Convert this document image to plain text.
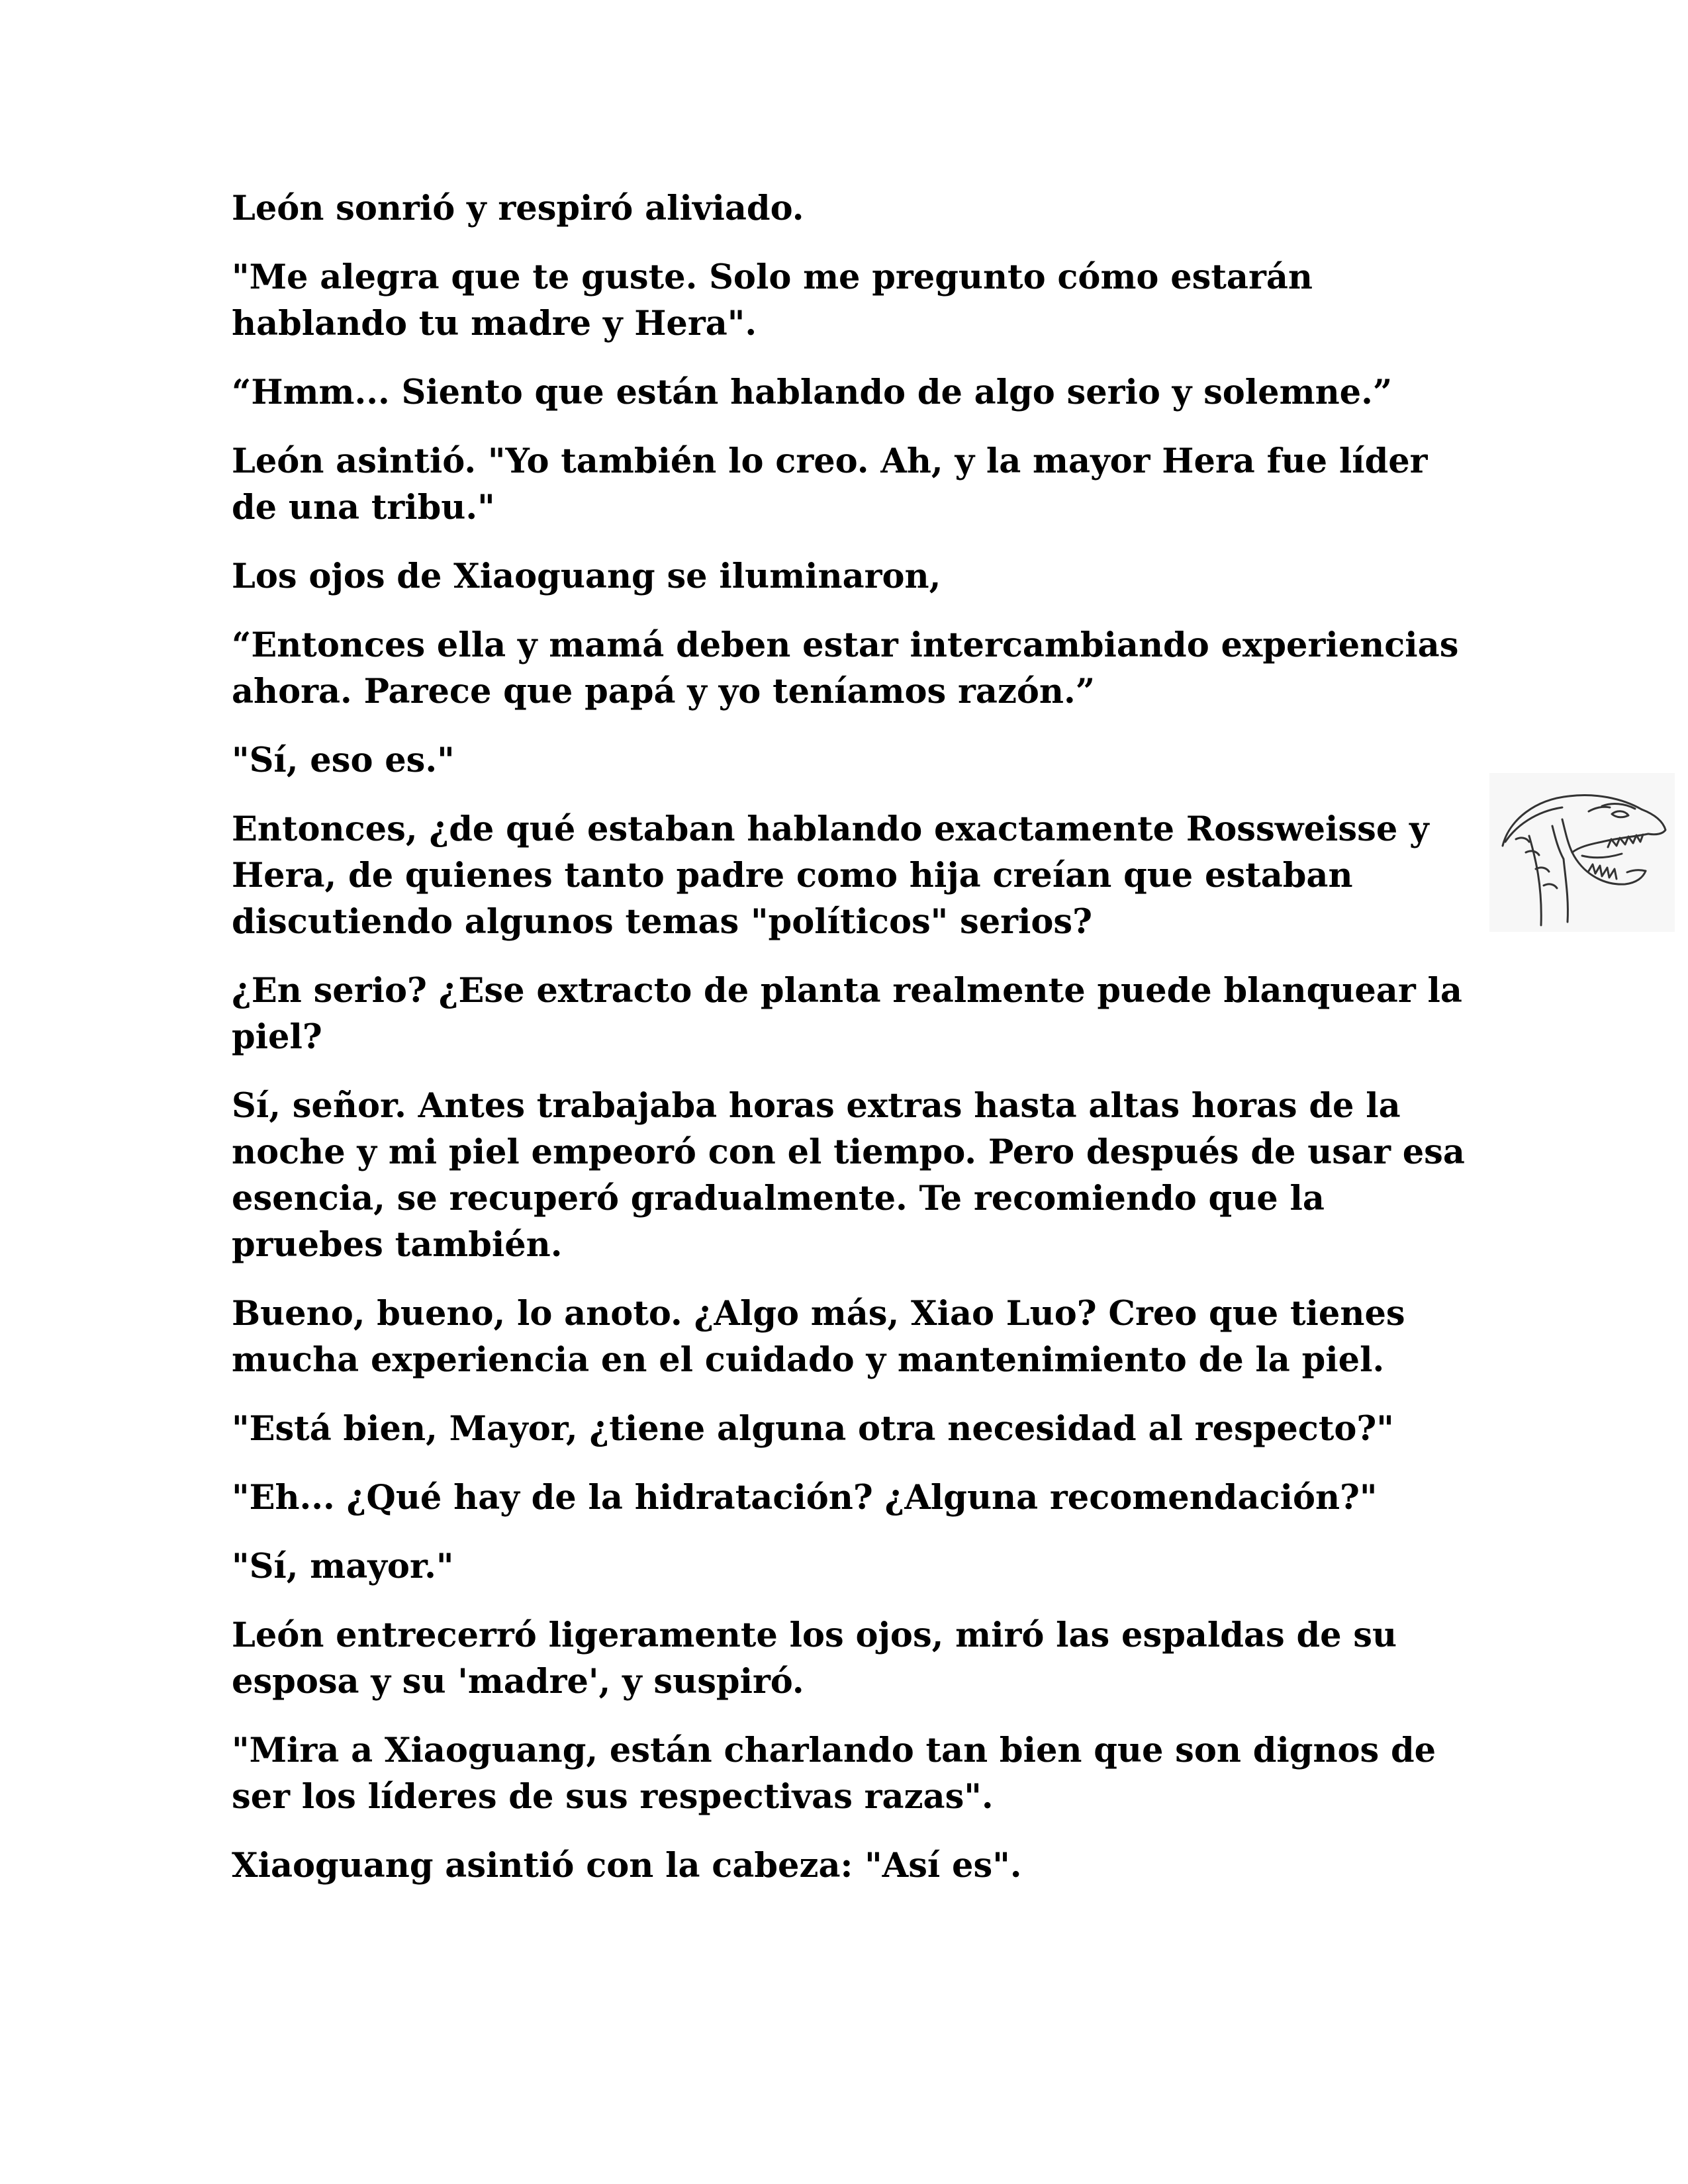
León sonrió y respiró aliviado.

"Me alegra que te guste. Solo me pregunto cómo estarán hablando tu madre y Hera".

“Hmm... Siento que están hablando de algo serio y solemne.”

León asintió. "Yo también lo creo. Ah, y la mayor Hera fue líder de una tribu."

Los ojos de Xiaoguang se iluminaron,

“Entonces ella y mamá deben estar intercambiando experiencias ahora. Parece que papá y yo teníamos razón.”

"Sí, eso es."

Entonces, ¿de qué estaban hablando exactamente Rossweisse y Hera, de quienes tanto padre como hija creían que estaban discutiendo algunos temas "políticos" serios?

¿En serio? ¿Ese extracto de planta realmente puede blanquear la piel?

Sí, señor. Antes trabajaba horas extras hasta altas horas de la noche y mi piel empeoró con el tiempo. Pero después de usar esa esencia, se recuperó gradualmente. Te recomiendo que la pruebes también.

Bueno, bueno, lo anoto. ¿Algo más, Xiao Luo? Creo que tienes mucha experiencia en el cuidado y mantenimiento de la piel.

"Está bien, Mayor, ¿tiene alguna otra necesidad al respecto?"

"Eh... ¿Qué hay de la hidratación? ¿Alguna recomendación?"

"Sí, mayor."

León entrecerró ligeramente los ojos, miró las espaldas de su esposa y su 'madre', y suspiró.

"Mira a Xiaoguang, están charlando tan bien que son dignos de ser los líderes de sus respectivas razas".

Xiaoguang asintió con la cabeza: "Así es".
